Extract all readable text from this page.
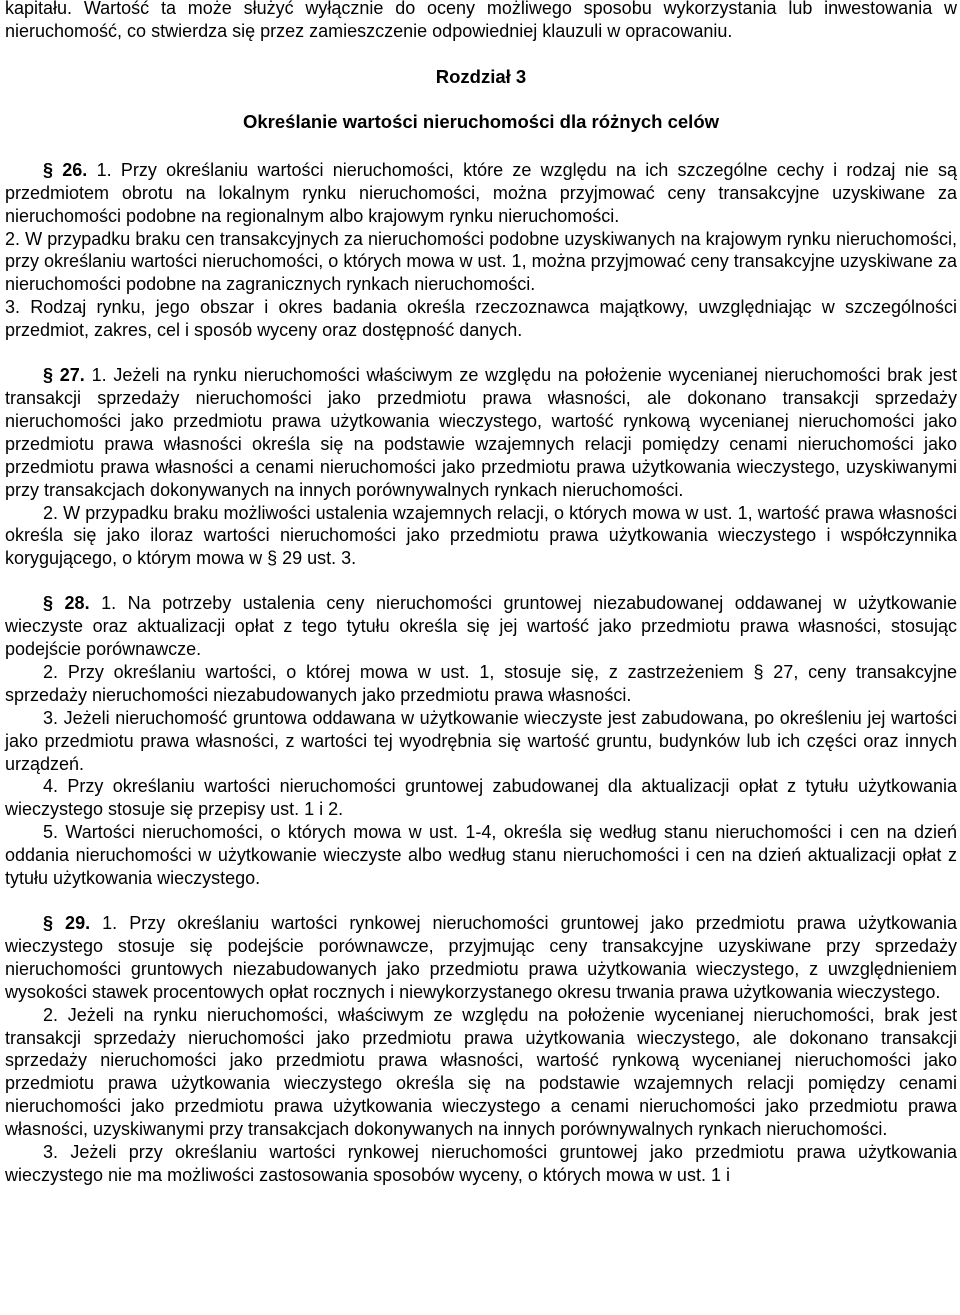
kapitału. Wartość ta może służyć wyłącznie do oceny możliwego sposobu wykorzystania lub inwestowania w nieruchomość, co stwierdza się przez zamieszczenie odpowiedniej klauzuli w opracowaniu.

Rozdział 3

Określanie wartości nieruchomości dla różnych celów

§ 26. 1. Przy określaniu wartości nieruchomości, które ze względu na ich szczególne cechy i rodzaj nie są przedmiotem obrotu na lokalnym rynku nieruchomości, można przyjmować ceny transakcyjne uzyskiwane za nieruchomości podobne na regionalnym albo krajowym rynku nieruchomości.

2. W przypadku braku cen transakcyjnych za nieruchomości podobne uzyskiwanych na krajowym rynku nieruchomości, przy określaniu wartości nieruchomości, o których mowa w ust. 1, można przyjmować ceny transakcyjne uzyskiwane za nieruchomości podobne na zagranicznych rynkach nieruchomości.

3. Rodzaj rynku, jego obszar i okres badania określa rzeczoznawca majątkowy, uwzględniając w szczególności przedmiot, zakres, cel i sposób wyceny oraz dostępność danych.

§ 27. 1. Jeżeli na rynku nieruchomości właściwym ze względu na położenie wycenianej nieruchomości brak jest transakcji sprzedaży nieruchomości jako przedmiotu prawa własności, ale dokonano transakcji sprzedaży nieruchomości jako przedmiotu prawa użytkowania wieczystego, wartość rynkową wycenianej nieruchomości jako przedmiotu prawa własności określa się na podstawie wzajemnych relacji pomiędzy cenami nieruchomości jako przedmiotu prawa własności a cenami nieruchomości jako przedmiotu prawa użytkowania wieczystego, uzyskiwanymi przy transakcjach dokonywanych na innych porównywalnych rynkach nieruchomości.

2. W przypadku braku możliwości ustalenia wzajemnych relacji, o których mowa w ust. 1, wartość prawa własności określa się jako iloraz wartości nieruchomości jako przedmiotu prawa użytkowania wieczystego i współczynnika korygującego, o którym mowa w § 29 ust. 3.

§ 28. 1. Na potrzeby ustalenia ceny nieruchomości gruntowej niezabudowanej oddawanej w użytkowanie wieczyste oraz aktualizacji opłat z tego tytułu określa się jej wartość jako przedmiotu prawa własności, stosując podejście porównawcze.

2. Przy określaniu wartości, o której mowa w ust. 1, stosuje się, z zastrzeżeniem § 27, ceny transakcyjne sprzedaży nieruchomości niezabudowanych jako przedmiotu prawa własności.

3. Jeżeli nieruchomość gruntowa oddawana w użytkowanie wieczyste jest zabudowana, po określeniu jej wartości jako przedmiotu prawa własności, z wartości tej wyodrębnia się wartość gruntu, budynków lub ich części oraz innych urządzeń.

4. Przy określaniu wartości nieruchomości gruntowej zabudowanej dla aktualizacji opłat z tytułu użytkowania wieczystego stosuje się przepisy ust. 1 i 2.

5. Wartości nieruchomości, o których mowa w ust. 1-4, określa się według stanu nieruchomości i cen na dzień oddania nieruchomości w użytkowanie wieczyste albo według stanu nieruchomości i cen na dzień aktualizacji opłat z tytułu użytkowania wieczystego.

§ 29. 1. Przy określaniu wartości rynkowej nieruchomości gruntowej jako przedmiotu prawa użytkowania wieczystego stosuje się podejście porównawcze, przyjmując ceny transakcyjne uzyskiwane przy sprzedaży nieruchomości gruntowych niezabudowanych jako przedmiotu prawa użytkowania wieczystego, z uwzględnieniem wysokości stawek procentowych opłat rocznych i niewykorzystanego okresu trwania prawa użytkowania wieczystego.

2. Jeżeli na rynku nieruchomości, właściwym ze względu na położenie wycenianej nieruchomości, brak jest transakcji sprzedaży nieruchomości jako przedmiotu prawa użytkowania wieczystego, ale dokonano transakcji sprzedaży nieruchomości jako przedmiotu prawa własności, wartość rynkową wycenianej nieruchomości jako przedmiotu prawa użytkowania wieczystego określa się na podstawie wzajemnych relacji pomiędzy cenami nieruchomości jako przedmiotu prawa użytkowania wieczystego a cenami nieruchomości jako przedmiotu prawa własności, uzyskiwanymi przy transakcjach dokonywanych na innych porównywalnych rynkach nieruchomości.

3. Jeżeli przy określaniu wartości rynkowej nieruchomości gruntowej jako przedmiotu prawa użytkowania wieczystego nie ma możliwości zastosowania sposobów wyceny, o których mowa w ust. 1 i
